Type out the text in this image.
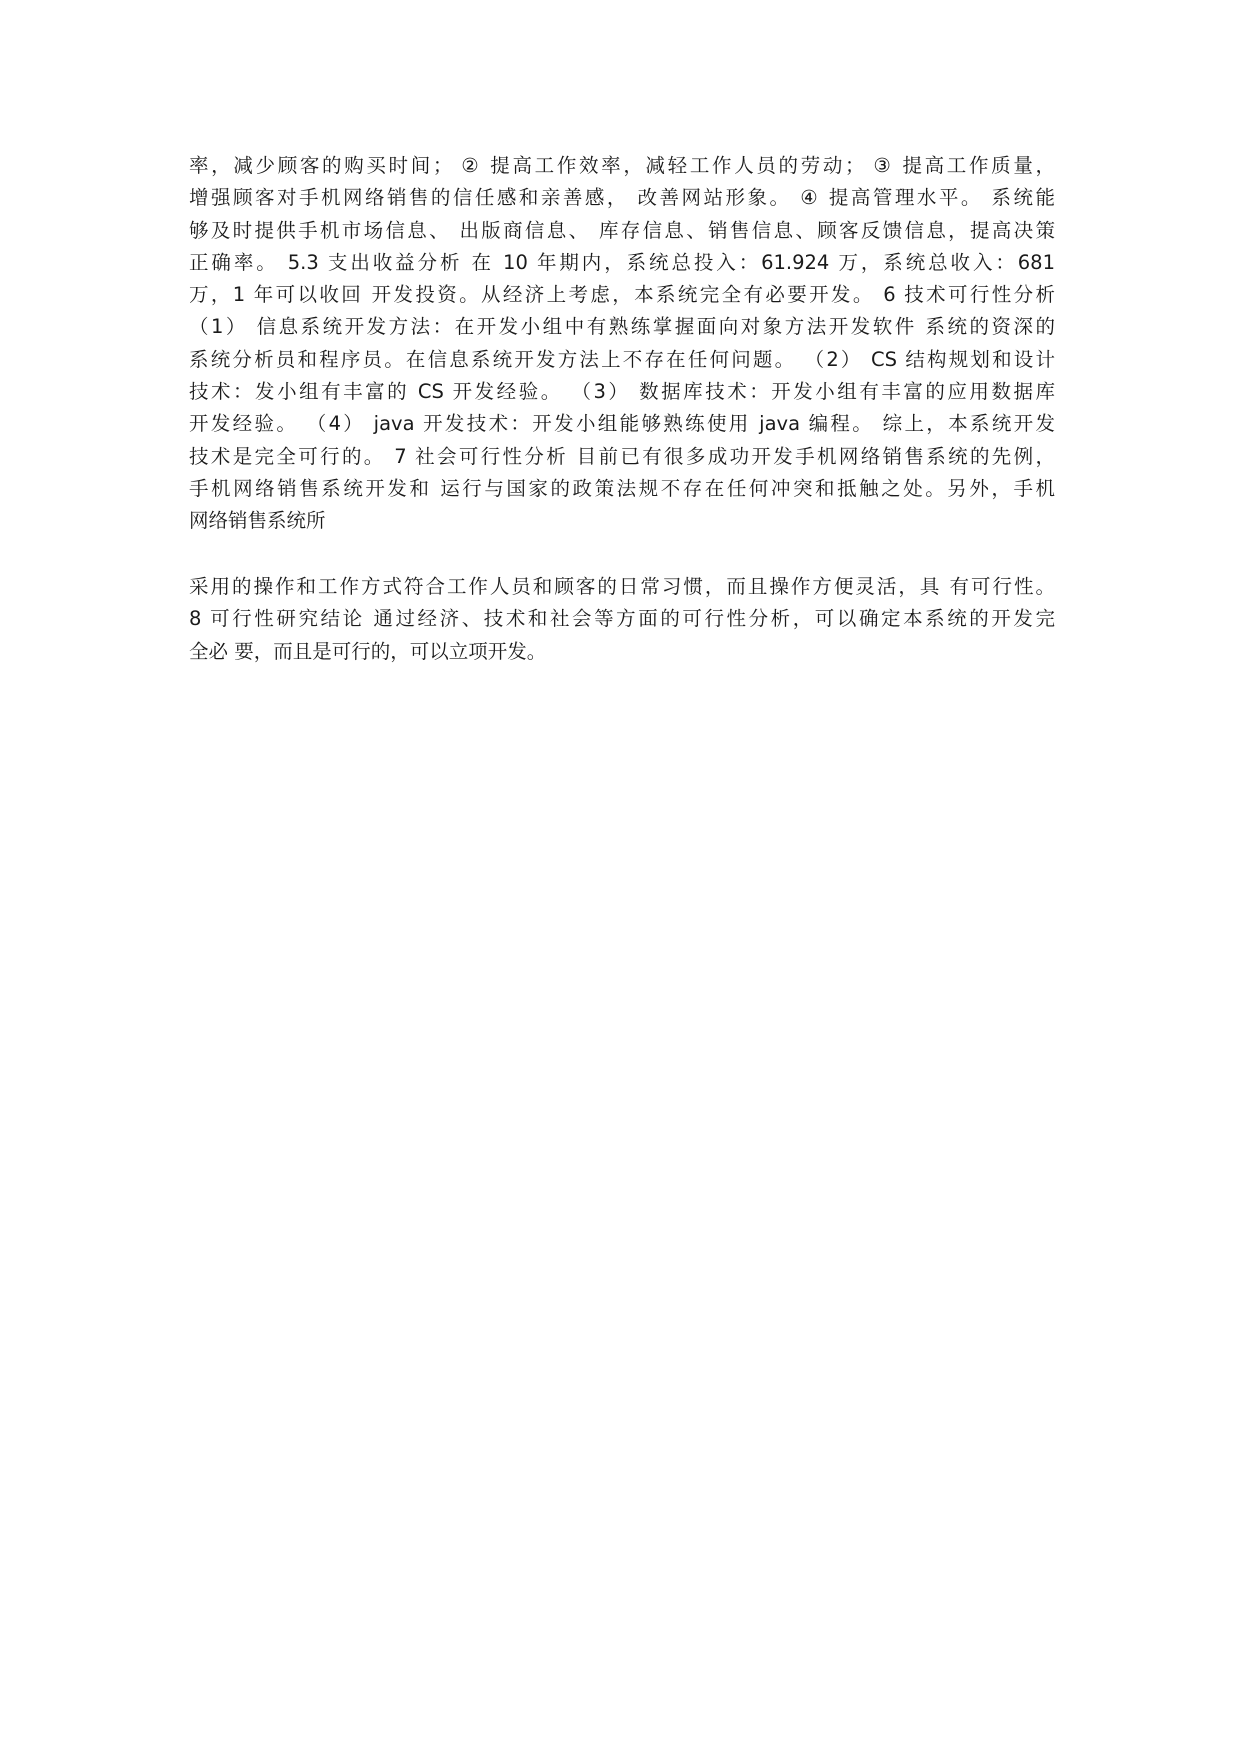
率，减少顾客的购买时间； ② 提高工作效率，减轻工作人员的劳动； ③ 提高工作质量，
增强顾客对手机网络销售的信任感和亲善感， 改善网站形象。 ④ 提高管理水平。 系统能
够及时提供手机市场信息、 出版商信息、 库存信息、销售信息、顾客反馈信息，提高决策
正确率。 5.3 支出收益分析 在 10 年期内，系统总投入：61.924 万，系统总收入：681
万，1 年可以收回 开发投资。从经济上考虑，本系统完全有必要开发。 6 技术可行性分析
（1） 信息系统开发方法：在开发小组中有熟练掌握面向对象方法开发软件 系统的资深的
系统分析员和程序员。在信息系统开发方法上不存在任何问题。 （2） CS 结构规划和设计
技术：发小组有丰富的 CS 开发经验。 （3） 数据库技术：开发小组有丰富的应用数据库
开发经验。 （4） java 开发技术：开发小组能够熟练使用 java 编程。 综上，本系统开发
技术是完全可行的。 7 社会可行性分析 目前已有很多成功开发手机网络销售系统的先例，
手机网络销售系统开发和 运行与国家的政策法规不存在任何冲突和抵触之处。另外，手机
网络销售系统所
采用的操作和工作方式符合工作人员和顾客的日常习惯，而且操作方便灵活，具 有可行性。
8 可行性研究结论 通过经济、技术和社会等方面的可行性分析，可以确定本系统的开发完
全必 要，而且是可行的，可以立项开发。
